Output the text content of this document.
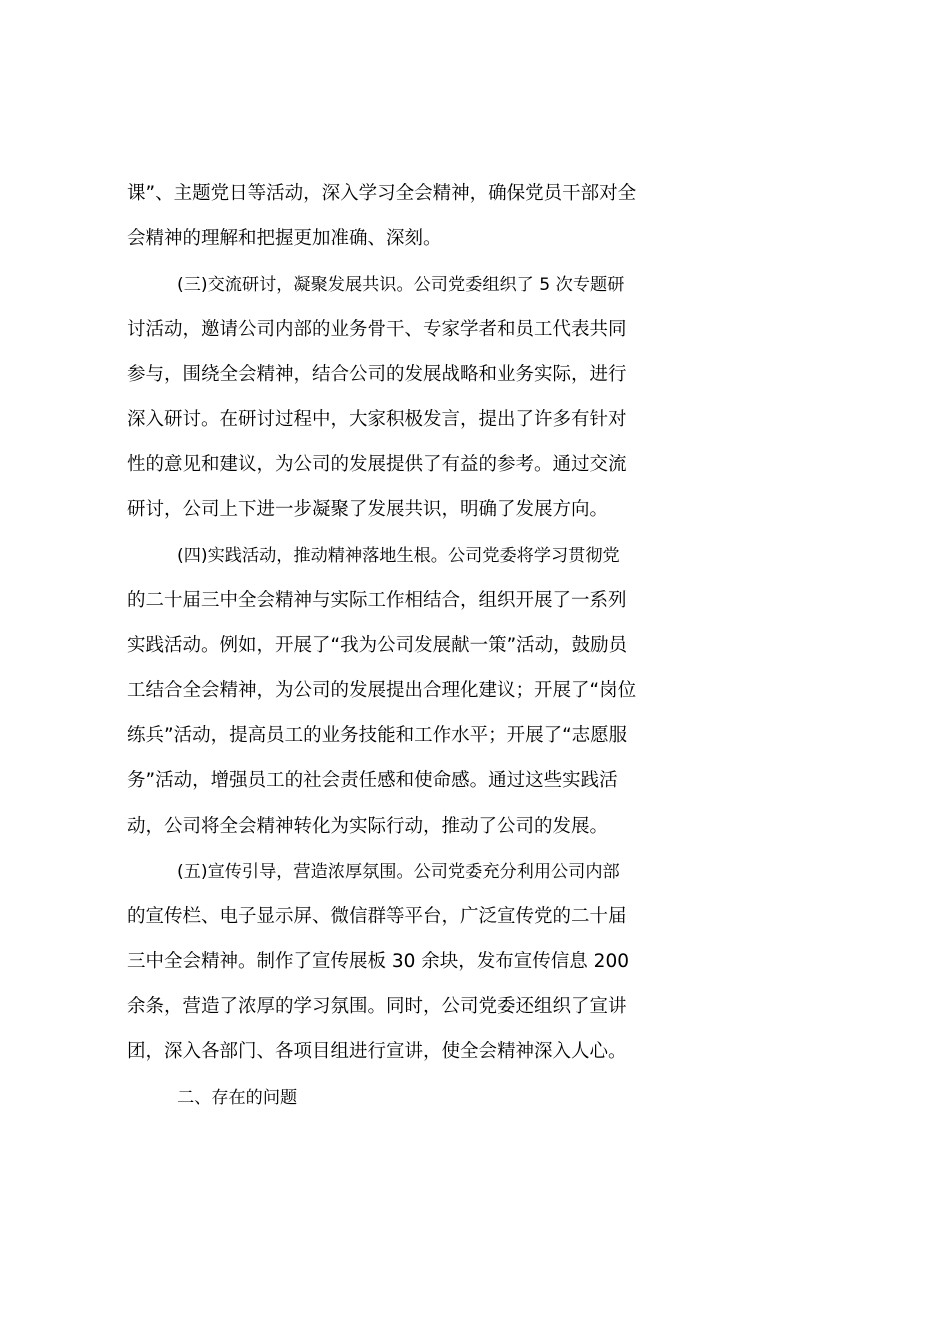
课”、主题党日等活动，深入学习全会精神，确保党员干部对全
会精神的理解和把握更加准确、深刻。
(三)交流研讨，凝聚发展共识。公司党委组织了 5 次专题研
讨活动，邀请公司内部的业务骨干、专家学者和员工代表共同
参与，围绕全会精神，结合公司的发展战略和业务实际，进行
深入研讨。在研讨过程中，大家积极发言，提出了许多有针对
性的意见和建议，为公司的发展提供了有益的参考。通过交流
研讨，公司上下进一步凝聚了发展共识，明确了发展方向。
(四)实践活动，推动精神落地生根。公司党委将学习贯彻党
的二十届三中全会精神与实际工作相结合，组织开展了一系列
实践活动。例如，开展了“我为公司发展献一策”活动，鼓励员
工结合全会精神，为公司的发展提出合理化建议；开展了“岗位
练兵”活动，提高员工的业务技能和工作水平；开展了“志愿服
务”活动，增强员工的社会责任感和使命感。通过这些实践活
动，公司将全会精神转化为实际行动，推动了公司的发展。
(五)宣传引导，营造浓厚氛围。公司党委充分利用公司内部
的宣传栏、电子显示屏、微信群等平台，广泛宣传党的二十届
三中全会精神。制作了宣传展板 30 余块，发布宣传信息 200
余条，营造了浓厚的学习氛围。同时，公司党委还组织了宣讲
团，深入各部门、各项目组进行宣讲，使全会精神深入人心。
二、存在的问题
